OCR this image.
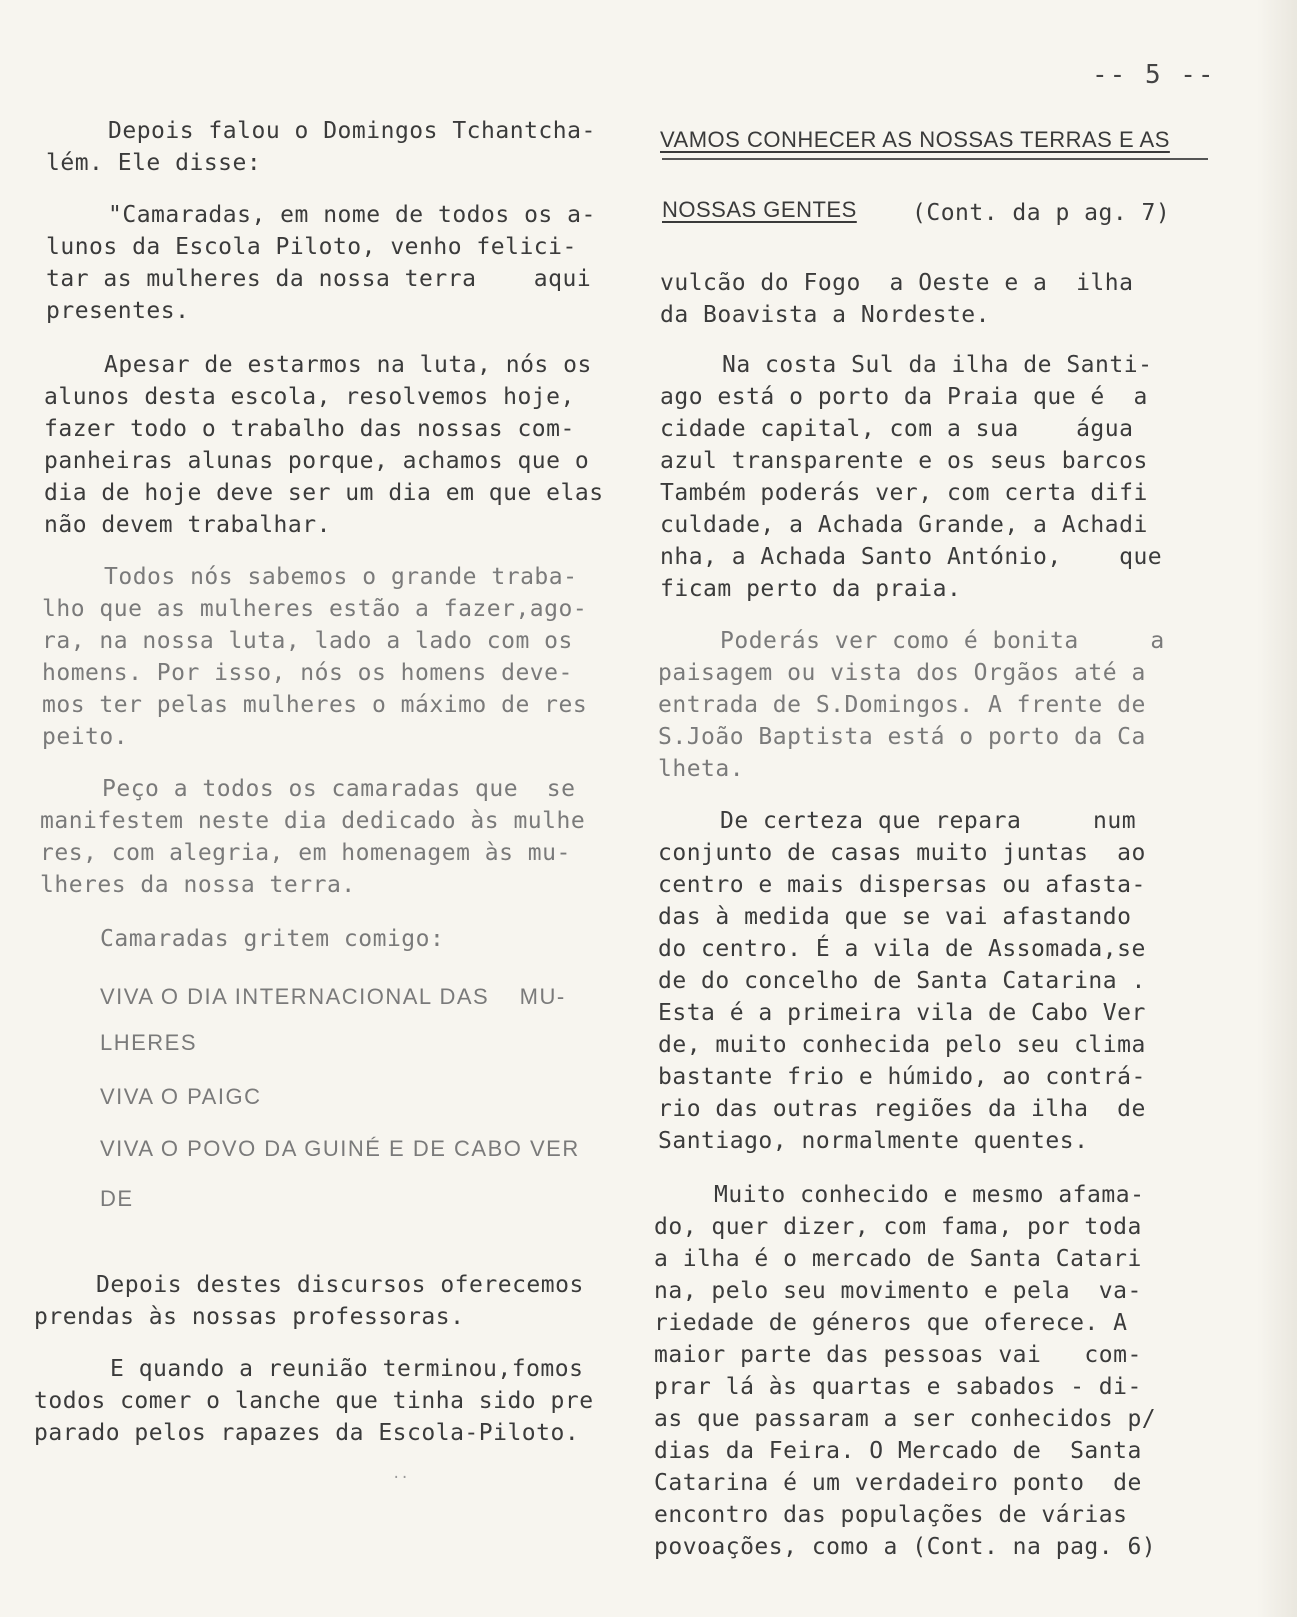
-- 5 --
Depois falou o Domingos Tchantcha-
lém. Ele disse:
"Camaradas, em nome de todos os a-
lunos da Escola Piloto, venho felici-
tar as mulheres da nossa terra    aqui
presentes.
Apesar de estarmos na luta, nós os
alunos desta escola, resolvemos hoje,
fazer todo o trabalho das nossas com-
panheiras alunas porque, achamos que o
dia de hoje deve ser um dia em que elas
não devem trabalhar.
Todos nós sabemos o grande traba-
lho que as mulheres estão a fazer,ago-
ra, na nossa luta, lado a lado com os
homens. Por isso, nós os homens deve-
mos ter pelas mulheres o máximo de res
peito.
Peço a todos os camaradas que  se
manifestem neste dia dedicado às mulhe
res, com alegria, em homenagem às mu-
lheres da nossa terra.
Camaradas gritem comigo:
VIVA O DIA INTERNACIONAL DAS    MU-
LHERES
VIVA O PAIGC
VIVA O POVO DA GUINÉ E DE CABO VER
DE
Depois destes discursos oferecemos
prendas às nossas professoras.
E quando a reunião terminou,fomos
todos comer o lanche que tinha sido pre
parado pelos rapazes da Escola-Piloto.
··
VAMOS CONHECER AS NOSSAS TERRAS E AS
NOSSAS GENTES (Cont. da p ag. 7)
vulcão do Fogo  a Oeste e a  ilha
da Boavista a Nordeste.
Na costa Sul da ilha de Santi-
ago está o porto da Praia que é  a
cidade capital, com a sua    água
azul transparente e os seus barcos
Também poderás ver, com certa difi
culdade, a Achada Grande, a Achadi
nha, a Achada Santo António,    que
ficam perto da praia.
Poderás ver como é bonita     a
paisagem ou vista dos Orgãos até a
entrada de S.Domingos. A frente de
S.João Baptista está o porto da Ca
lheta.
De certeza que repara     num
conjunto de casas muito juntas  ao
centro e mais dispersas ou afasta-
das à medida que se vai afastando
do centro. É a vila de Assomada,se
de do concelho de Santa Catarina .
Esta é a primeira vila de Cabo Ver
de, muito conhecida pelo seu clima
bastante frio e húmido, ao contrá-
rio das outras regiões da ilha  de
Santiago, normalmente quentes.
Muito conhecido e mesmo afama-
do, quer dizer, com fama, por toda
a ilha é o mercado de Santa Catari
na, pelo seu movimento e pela  va-
riedade de géneros que oferece. A
maior parte das pessoas vai   com-
prar lá às quartas e sabados - di-
as que passaram a ser conhecidos p/
dias da Feira. O Mercado de  Santa
Catarina é um verdadeiro ponto  de
encontro das populações de várias
povoações, como a (Cont. na pag. 6)
